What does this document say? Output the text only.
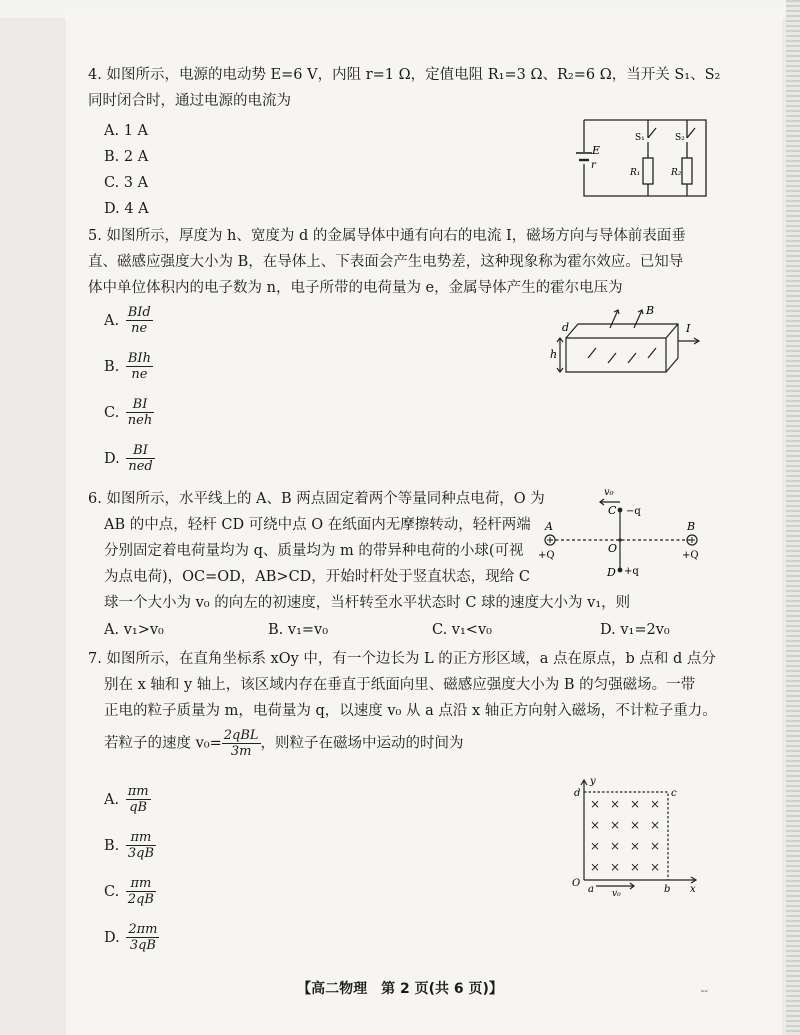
4. 如图所示，电源的电动势 E=6 V，内阻 r=1 Ω，定值电阻 R₁=3 Ω、R₂=6 Ω，当开关 S₁、S₂
同时闭合时，通过电源的电流为
A. 1 A
B. 2 A
C. 3 A
D. 4 A
E
r
S₁	S₂
R₁	R₂
5. 如图所示，厚度为 h、宽度为 d 的金属导体中通有向右的电流 I，磁场方向与导体前表面垂
直、磁感应强度大小为 B，在导体上、下表面会产生电势差，这种现象称为霍尔效应。已知导
体中单位体积内的电子数为 n，电子所带的电荷量为 e，金属导体产生的霍尔电压为
A. $\frac{\text{BId}}{ne}$
B. $\frac{\text{BIh}}{ne}$
C. $\frac{BI}{\text{neh}}$
D. $\frac{BI}{\text{ned}}$
d
h
B
I
6. 如图所示，水平线上的 A、B 两点固定着两个等量同种点电荷，O 为
AB 的中点，轻杆 CD 可绕中点 O 在纸面内无摩擦转动，轻杆两端
分别固定着电荷量均为 q、质量均为 m 的带异种电荷的小球(可视
为点电荷)，OC=OD，AB>CD，开始时杆处于竖直状态，现给 C
球一个大小为 v₀ 的向左的初速度，当杆转至水平状态时 C 球的速度大小为 v₁，则
A. v₁>v₀	B. v₁=v₀	C. v₁<v₀	D. v₁=2v₀
v₀
C −q
A	B
+Q	+Q
O
D +q
7. 如图所示，在直角坐标系 xOy 中，有一个边长为 L 的正方形区域，a 点在原点，b 点和 d 点分
别在 x 轴和 y 轴上，该区域内存在垂直于纸面向里、磁感应强度大小为 B 的匀强磁场。一带
正电的粒子质量为 m，电荷量为 q，以速度 v₀ 从 a 点沿 x 轴正方向射入磁场，不计粒子重力。
若粒子的速度 $v_0= \frac{\text{2qBL}}{3m}$ ，则粒子在磁场中运动的时间为
A. $\frac{\pi m}{qB}$
B. $\frac{\pi m}{3qB}$
C. $\frac{\pi m}{2qB}$
D. $\frac{2\pi m}{3qB}$
× × × ×
× × × ×
× × × ×
× × × ×
y
x
d	c
O
a v₀	b
【高二物理　第 2 页(共 6 页)】	--
